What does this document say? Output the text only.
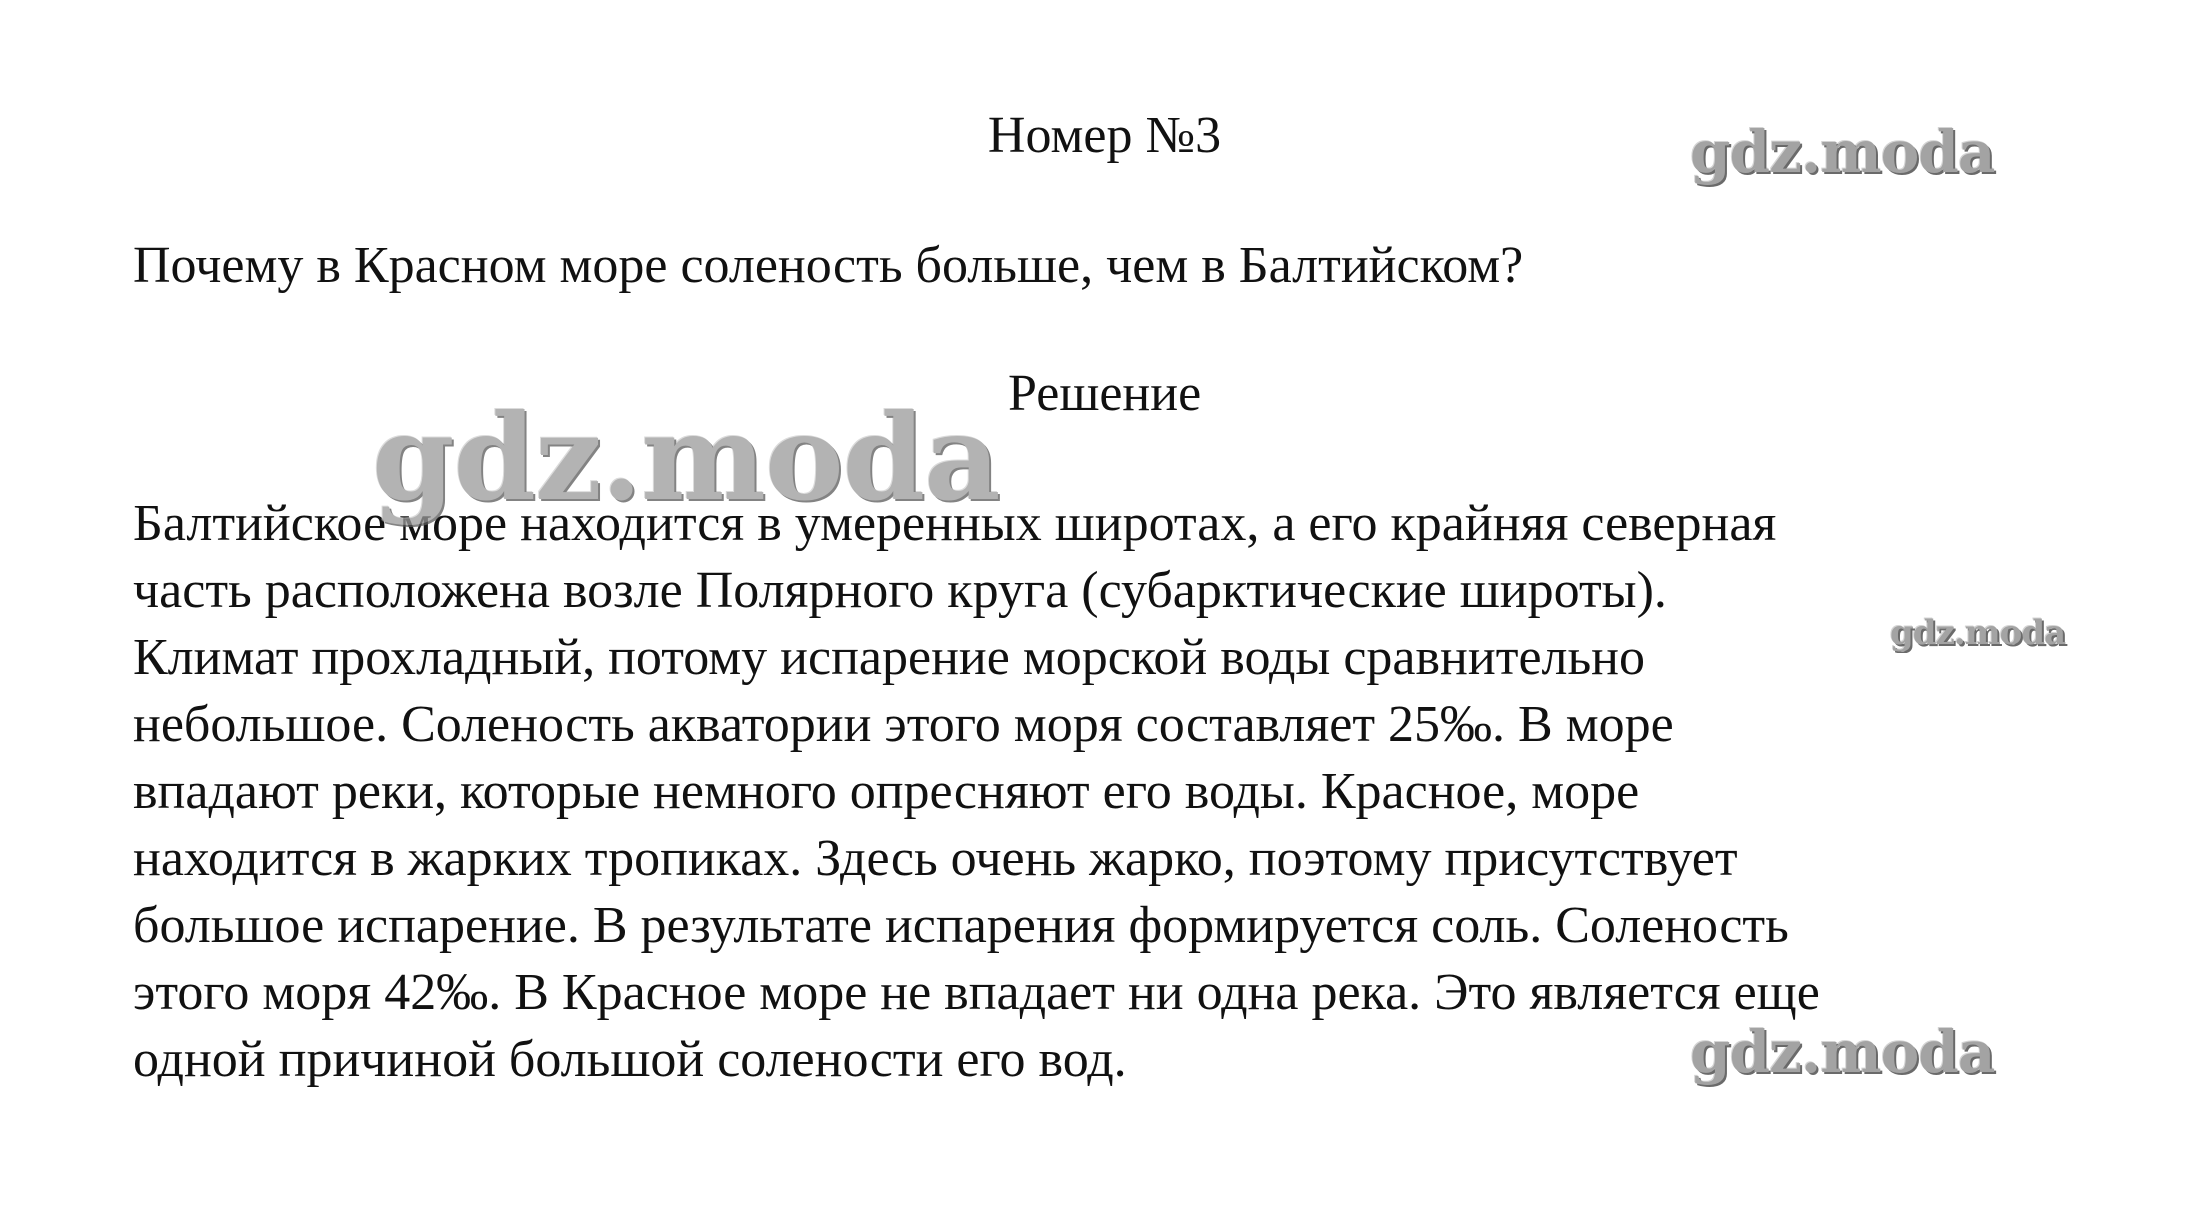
Номер №3
Почему в Красном море соленость больше, чем в Балтийском?
Решение
Балтийское море находится в умеренных широтах, а его крайняя северная
часть расположена возле Полярного круга (субарктические широты).
Климат прохладный, потому испарение морской воды сравнительно
небольшое. Соленость акватории этого моря составляет 25‰. В море
впадают реки, которые немного опресняют его воды. Красное, море
находится в жарких тропиках. Здесь очень жарко, поэтому присутствует
большое испарение. В результате испарения формируется соль. Соленость
этого моря 42‰. В Красное море не впадает ни одна река. Это является еще
одной причиной большой солености его вод.
gdz.moda
gdz.moda
gdz.moda
gdz.moda
